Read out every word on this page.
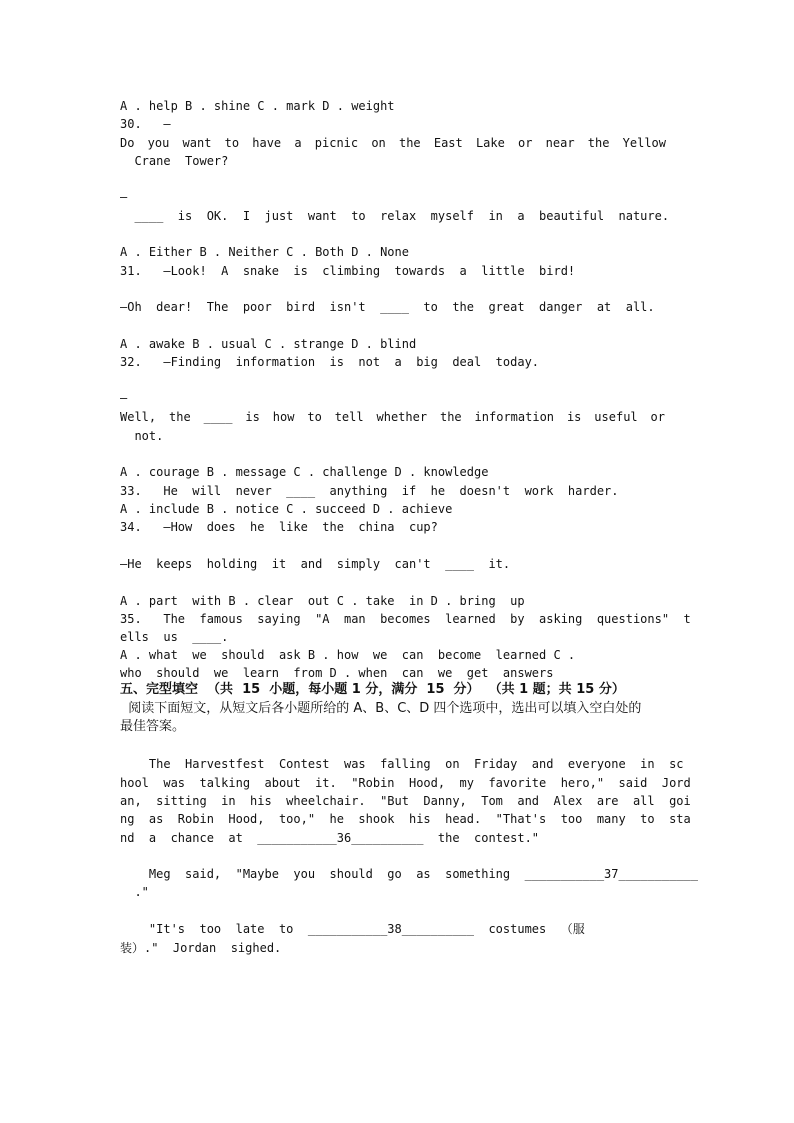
A . help B . shine C . mark D . weight
30.   —
Do you want to have a picnic on the East Lake or near the Yellow
Crane  Tower?
—
____  is  OK.  I  just  want  to  relax  myself  in  a  beautiful  nature.
A . Either B . Neither C . Both D . None
31.   —Look!  A  snake  is  climbing  towards  a  little  bird!
—Oh  dear!  The  poor  bird  isn't  ____  to  the  great  danger  at  all.
A . awake B . usual C . strange D . blind
32.   —Finding  information  is  not  a  big  deal  today.
—
Well, the ____ is how to tell whether the information is useful or
not.
A . courage B . message C . challenge D . knowledge
33.   He  will  never  ____  anything  if  he  doesn't  work  harder.
A . include B . notice C . succeed D . achieve
34.   —How  does  he  like  the  china  cup?
—He  keeps  holding  it  and  simply  can't  ____  it.
A . part  with B . clear  out C . take  in D . bring  up
35.   The  famous  saying  "A  man  becomes  learned  by  asking  questions"  t
ells  us  ____.
A . what  we  should  ask B . how  we  can  become  learned C .
who  should  we  learn  from D . when  can  we  get  answers
五、完型填空  （共  15  小题，每小题 1 分，满分  15  分）  （共 1 题；共 15 分）
阅读下面短文，从短文后各小题所给的 A、B、C、D 四个选项中，选出可以填入空白处的
最佳答案。
The  Harvestfest  Contest  was  falling  on  Friday  and  everyone  in  sc
hool  was  talking  about  it.  "Robin  Hood,  my  favorite  hero,"  said  Jord
an,  sitting  in  his  wheelchair.  "But  Danny,  Tom  and  Alex  are  all  goi
ng  as  Robin  Hood,  too,"  he  shook  his  head.  "That's  too  many  to  sta
nd  a  chance  at  ___________36__________  the  contest."
Meg  said,  "Maybe  you  should  go  as  something  ___________37___________
."
"It's  too  late  to  ___________38__________  costumes  （服
装）."  Jordan  sighed.
